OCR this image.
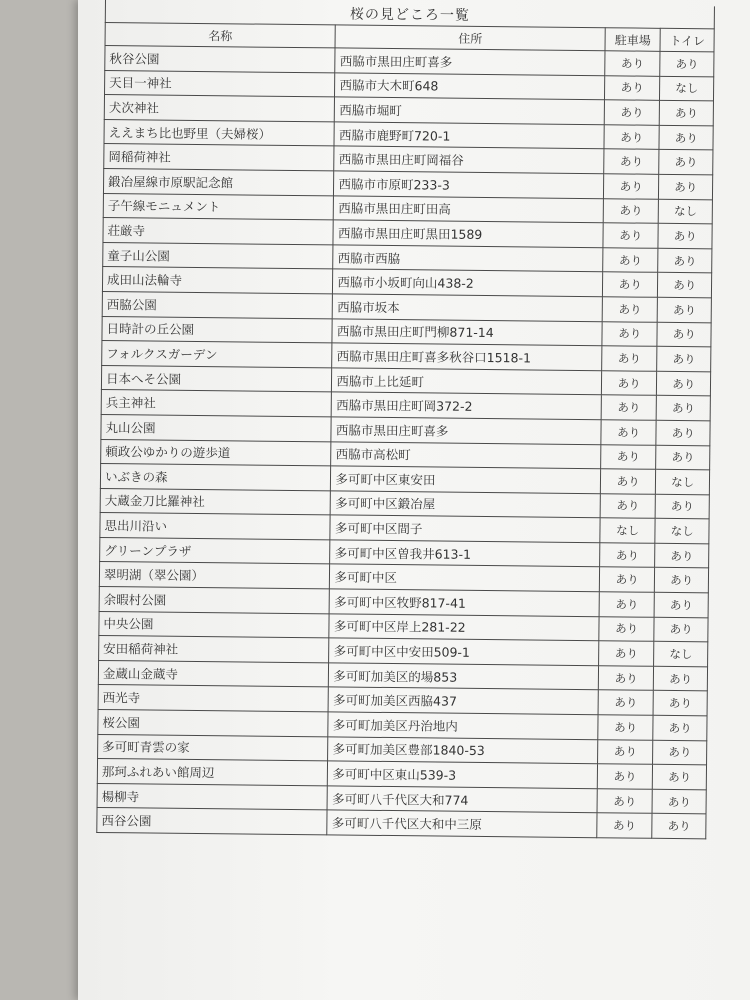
桜の見どころ一覧			
名称	住所	駐車場	トイレ
秋谷公園	西脇市黒田庄町喜多	あり	あり
天目一神社	西脇市大木町648	あり	なし
犬次神社	西脇市堀町	あり	あり
ええまち比也野里（夫婦桜）	西脇市鹿野町720-1	あり	あり
岡稲荷神社	西脇市黒田庄町岡福谷	あり	あり
鍛冶屋線市原駅記念館	西脇市市原町233-3	あり	あり
子午線モニュメント	西脇市黒田庄町田高	あり	なし
荘厳寺	西脇市黒田庄町黒田1589	あり	あり
童子山公園	西脇市西脇	あり	あり
成田山法輪寺	西脇市小坂町向山438-2	あり	あり
西脇公園	西脇市坂本	あり	あり
日時計の丘公園	西脇市黒田庄町門柳871-14	あり	あり
フォルクスガーデン	西脇市黒田庄町喜多秋谷口1518-1	あり	あり
日本へそ公園	西脇市上比延町	あり	あり
兵主神社	西脇市黒田庄町岡372-2	あり	あり
丸山公園	西脇市黒田庄町喜多	あり	あり
頼政公ゆかりの遊歩道	西脇市高松町	あり	あり
いぶきの森	多可町中区東安田	あり	なし
大蔵金刀比羅神社	多可町中区鍛冶屋	あり	あり
思出川沿い	多可町中区間子	なし	なし
グリーンプラザ	多可町中区曽我井613-1	あり	あり
翠明湖（翠公園）	多可町中区	あり	あり
余暇村公園	多可町中区牧野817-41	あり	あり
中央公園	多可町中区岸上281-22	あり	あり
安田稲荷神社	多可町中区中安田509-1	あり	なし
金蔵山金蔵寺	多可町加美区的場853	あり	あり
西光寺	多可町加美区西脇437	あり	あり
桜公園	多可町加美区丹治地内	あり	あり
多可町青雲の家	多可町加美区豊部1840-53	あり	あり
那珂ふれあい館周辺	多可町中区東山539-3	あり	あり
楊柳寺	多可町八千代区大和774	あり	あり
西谷公園	多可町八千代区大和中三原	あり	あり
